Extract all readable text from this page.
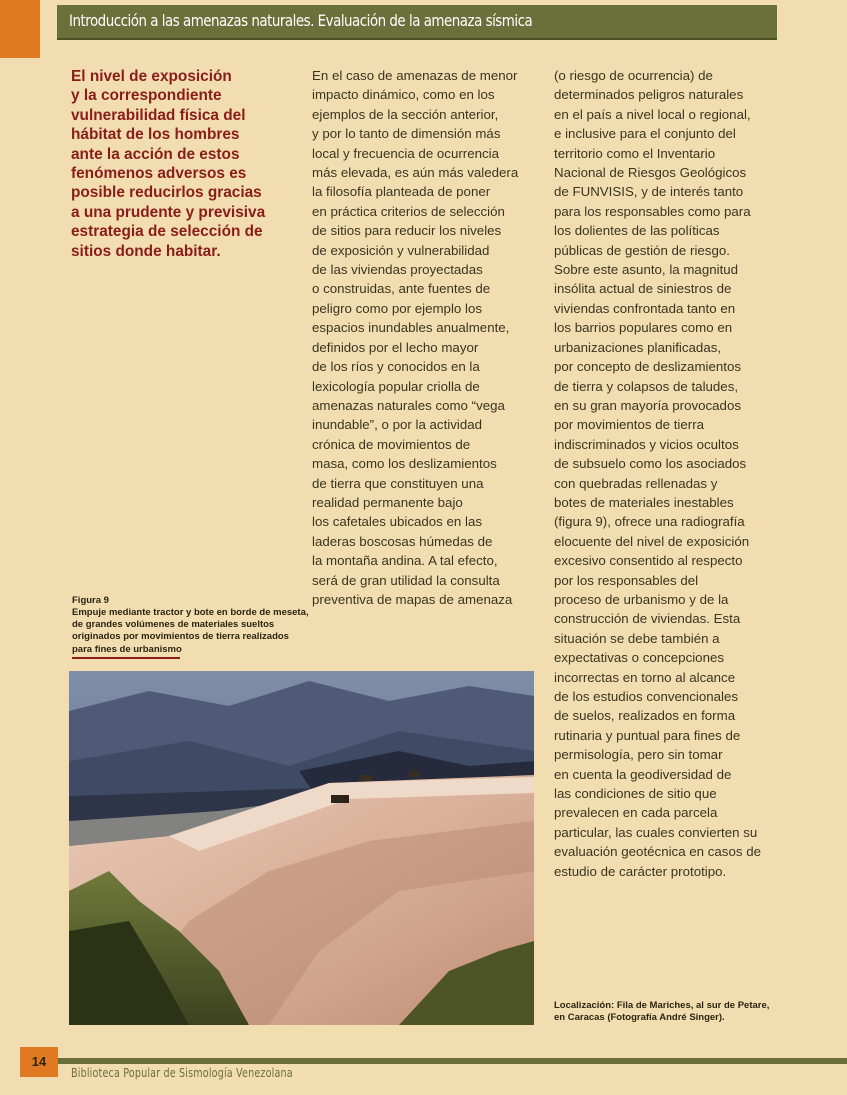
Introducción a las amenazas naturales. Evaluación de la amenaza sísmica
El nivel de exposición
y la correspondiente
vulnerabilidad física del
hábitat de los hombres
ante la acción de estos
fenómenos adversos es
posible reducirlos gracias
a una prudente y previsiva
estrategia de selección de
sitios donde habitar.
En el caso de amenazas de menor
impacto dinámico, como en los
ejemplos de la sección anterior,
y por lo tanto de dimensión más
local y frecuencia de ocurrencia
más elevada, es aún más valedera
la filosofía planteada de poner
en práctica criterios de selección
de sitios para reducir los niveles
de exposición y vulnerabilidad
de las viviendas proyectadas
o construidas, ante fuentes de
peligro como por ejemplo los
espacios inundables anualmente,
definidos por el lecho mayor
de los ríos y conocidos en la
lexicología popular criolla de
amenazas naturales como “vega
inundable”, o por la actividad
crónica de movimientos de
masa, como los deslizamientos
de tierra que constituyen una
realidad permanente bajo
los cafetales ubicados en las
laderas boscosas húmedas de
la montaña andina. A tal efecto,
será de gran utilidad la consulta
preventiva de mapas de amenaza
(o riesgo de ocurrencia) de
determinados peligros naturales
en el país a nivel local o regional,
e inclusive para el conjunto del
territorio como el Inventario
Nacional de Riesgos Geológicos
de FUNVISIS, y de interés tanto
para los responsables como para
los dolientes de las políticas
públicas de gestión de riesgo.
Sobre este asunto, la magnitud
insólita actual de siniestros de
viviendas confrontada tanto en
los barrios populares como en
urbanizaciones planificadas,
por concepto de deslizamientos
de tierra y colapsos de taludes,
en su gran mayoría provocados
por movimientos de tierra
indiscriminados y vicios ocultos
de subsuelo como los asociados
con quebradas rellenadas y
botes de materiales inestables
(figura 9), ofrece una radiografía
elocuente del nivel de exposición
excesivo consentido al respecto
por los responsables del
proceso de urbanismo y de la
construcción de viviendas. Esta
situación se debe también a
expectativas o concepciones
incorrectas en torno al alcance
de los estudios convencionales
de suelos, realizados en forma
rutinaria y puntual para fines de
permisología, pero sin tomar
en cuenta la geodiversidad de
las condiciones de sitio que
prevalecen en cada parcela
particular, las cuales convierten su
evaluación geotécnica en casos de
estudio de carácter prototipo.
Figura 9
Empuje mediante tractor y bote en borde de meseta,
de grandes volúmenes de materiales sueltos
originados por movimientos de tierra realizados
para fines de urbanismo
Localización: Fila de Mariches, al sur de Petare,
en Caracas (Fotografía André Singer).
14
Biblioteca Popular de Sismología Venezolana
